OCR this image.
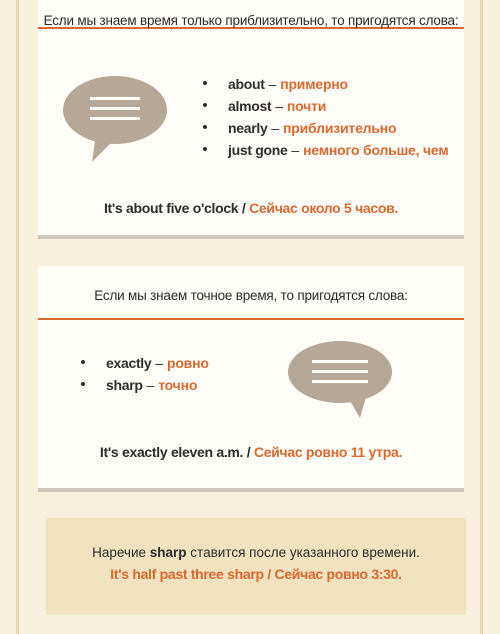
Если мы знаем время только приблизительно, то пригодятся слова:
• about – примерно
• almost – почти
• nearly – приблизительно
• just gone – немного больше, чем
It's about five o'clock / Сейчас около 5 часов.
Если мы знаем точное время, то пригодятся слова:
• exactly – ровно
• sharp – точно
It's exactly eleven a.m. / Сейчас ровно 11 утра.
Наречие sharp ставится после указанного времени.
It's half past three sharp / Сейчас ровно 3:30.
